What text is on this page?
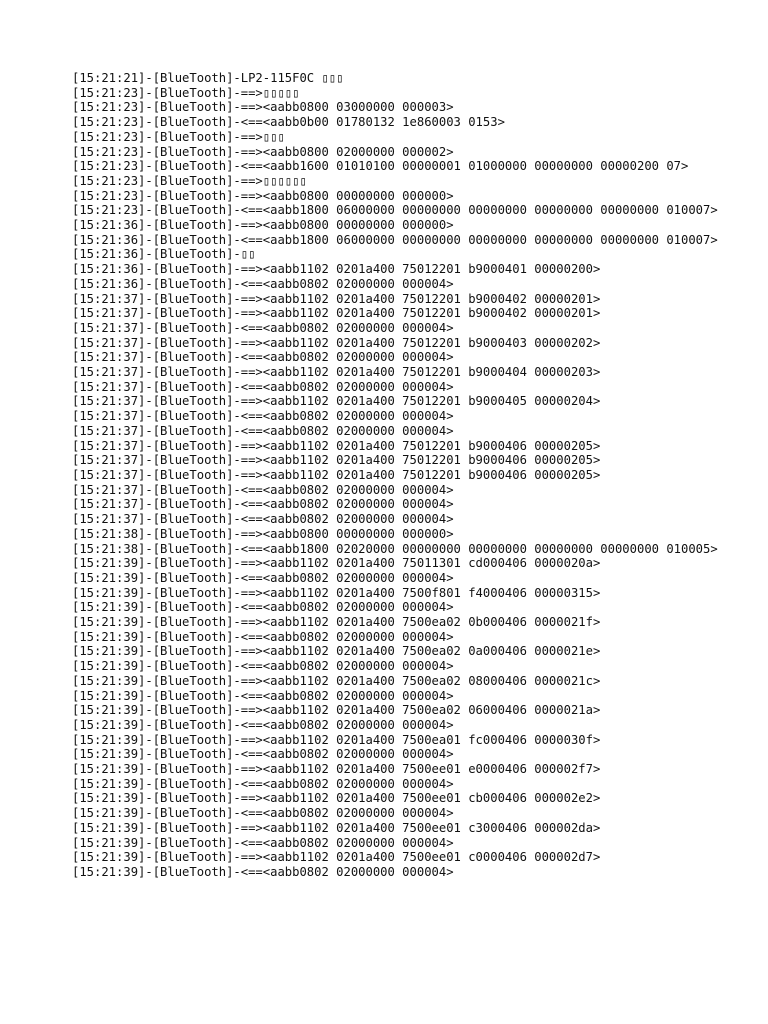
[15:21:21]-[BlueTooth]-LP2-115F0C ▯▯▯

[15:21:23]-[BlueTooth]-==>▯▯▯▯▯

[15:21:23]-[BlueTooth]-==><aabb0800 03000000 000003>

[15:21:23]-[BlueTooth]-<==<aabb0b00 01780132 1e860003 0153>

[15:21:23]-[BlueTooth]-==>▯▯▯

[15:21:23]-[BlueTooth]-==><aabb0800 02000000 000002>

[15:21:23]-[BlueTooth]-<==<aabb1600 01010100 00000001 01000000 00000000 00000200 07>

[15:21:23]-[BlueTooth]-==>▯▯▯▯▯▯

[15:21:23]-[BlueTooth]-==><aabb0800 00000000 000000>

[15:21:23]-[BlueTooth]-<==<aabb1800 06000000 00000000 00000000 00000000 00000000 010007>

[15:21:36]-[BlueTooth]-==><aabb0800 00000000 000000>

[15:21:36]-[BlueTooth]-<==<aabb1800 06000000 00000000 00000000 00000000 00000000 010007>

[15:21:36]-[BlueTooth]-▯▯

[15:21:36]-[BlueTooth]-==><aabb1102 0201a400 75012201 b9000401 00000200>

[15:21:36]-[BlueTooth]-<==<aabb0802 02000000 000004>

[15:21:37]-[BlueTooth]-==><aabb1102 0201a400 75012201 b9000402 00000201>

[15:21:37]-[BlueTooth]-==><aabb1102 0201a400 75012201 b9000402 00000201>

[15:21:37]-[BlueTooth]-<==<aabb0802 02000000 000004>

[15:21:37]-[BlueTooth]-==><aabb1102 0201a400 75012201 b9000403 00000202>

[15:21:37]-[BlueTooth]-<==<aabb0802 02000000 000004>

[15:21:37]-[BlueTooth]-==><aabb1102 0201a400 75012201 b9000404 00000203>

[15:21:37]-[BlueTooth]-<==<aabb0802 02000000 000004>

[15:21:37]-[BlueTooth]-==><aabb1102 0201a400 75012201 b9000405 00000204>

[15:21:37]-[BlueTooth]-<==<aabb0802 02000000 000004>

[15:21:37]-[BlueTooth]-<==<aabb0802 02000000 000004>

[15:21:37]-[BlueTooth]-==><aabb1102 0201a400 75012201 b9000406 00000205>

[15:21:37]-[BlueTooth]-==><aabb1102 0201a400 75012201 b9000406 00000205>

[15:21:37]-[BlueTooth]-==><aabb1102 0201a400 75012201 b9000406 00000205>

[15:21:37]-[BlueTooth]-<==<aabb0802 02000000 000004>

[15:21:37]-[BlueTooth]-<==<aabb0802 02000000 000004>

[15:21:37]-[BlueTooth]-<==<aabb0802 02000000 000004>

[15:21:38]-[BlueTooth]-==><aabb0800 00000000 000000>

[15:21:38]-[BlueTooth]-<==<aabb1800 02020000 00000000 00000000 00000000 00000000 010005>

[15:21:39]-[BlueTooth]-==><aabb1102 0201a400 75011301 cd000406 0000020a>

[15:21:39]-[BlueTooth]-<==<aabb0802 02000000 000004>

[15:21:39]-[BlueTooth]-==><aabb1102 0201a400 7500f801 f4000406 00000315>

[15:21:39]-[BlueTooth]-<==<aabb0802 02000000 000004>

[15:21:39]-[BlueTooth]-==><aabb1102 0201a400 7500ea02 0b000406 0000021f>

[15:21:39]-[BlueTooth]-<==<aabb0802 02000000 000004>

[15:21:39]-[BlueTooth]-==><aabb1102 0201a400 7500ea02 0a000406 0000021e>

[15:21:39]-[BlueTooth]-<==<aabb0802 02000000 000004>

[15:21:39]-[BlueTooth]-==><aabb1102 0201a400 7500ea02 08000406 0000021c>

[15:21:39]-[BlueTooth]-<==<aabb0802 02000000 000004>

[15:21:39]-[BlueTooth]-==><aabb1102 0201a400 7500ea02 06000406 0000021a>

[15:21:39]-[BlueTooth]-<==<aabb0802 02000000 000004>

[15:21:39]-[BlueTooth]-==><aabb1102 0201a400 7500ea01 fc000406 0000030f>

[15:21:39]-[BlueTooth]-<==<aabb0802 02000000 000004>

[15:21:39]-[BlueTooth]-==><aabb1102 0201a400 7500ee01 e0000406 000002f7>

[15:21:39]-[BlueTooth]-<==<aabb0802 02000000 000004>

[15:21:39]-[BlueTooth]-==><aabb1102 0201a400 7500ee01 cb000406 000002e2>

[15:21:39]-[BlueTooth]-<==<aabb0802 02000000 000004>

[15:21:39]-[BlueTooth]-==><aabb1102 0201a400 7500ee01 c3000406 000002da>

[15:21:39]-[BlueTooth]-<==<aabb0802 02000000 000004>

[15:21:39]-[BlueTooth]-==><aabb1102 0201a400 7500ee01 c0000406 000002d7>

[15:21:39]-[BlueTooth]-<==<aabb0802 02000000 000004>
